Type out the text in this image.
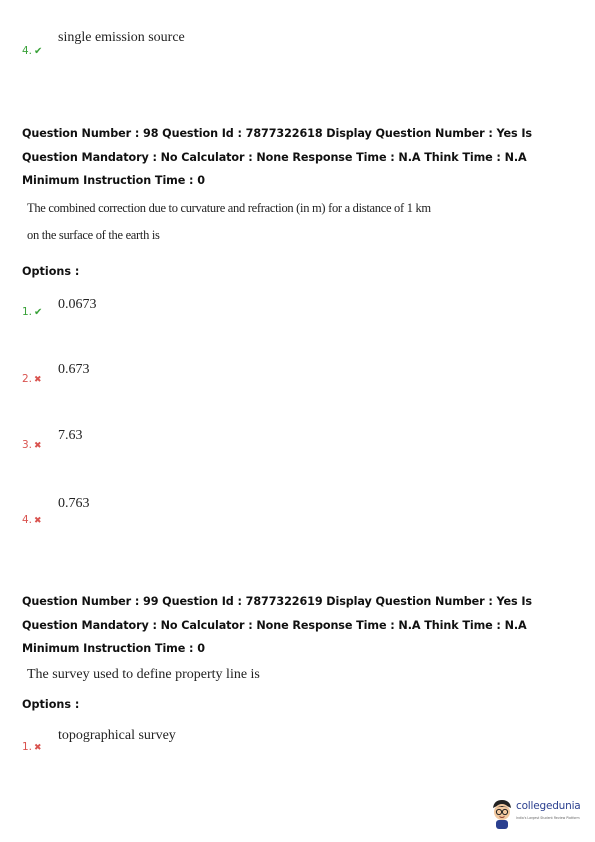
single emission source
4. ✔
Question Number : 98 Question Id : 7877322618 Display Question Number : Yes Is Question Mandatory : No Calculator : None Response Time : N.A Think Time : N.A Minimum Instruction Time : 0
The combined correction due to curvature and refraction (in m) for a distance of 1 km
on the surface of the earth is
Options :
0.0673
1. ✔
0.673
2. ✖
7.63
3. ✖
0.763
4. ✖
Question Number : 99 Question Id : 7877322619 Display Question Number : Yes Is Question Mandatory : No Calculator : None Response Time : N.A Think Time : N.A Minimum Instruction Time : 0
The survey used to define property line is
Options :
topographical survey
1. ✖
collegedunia
India's Largest Student Review Platform
